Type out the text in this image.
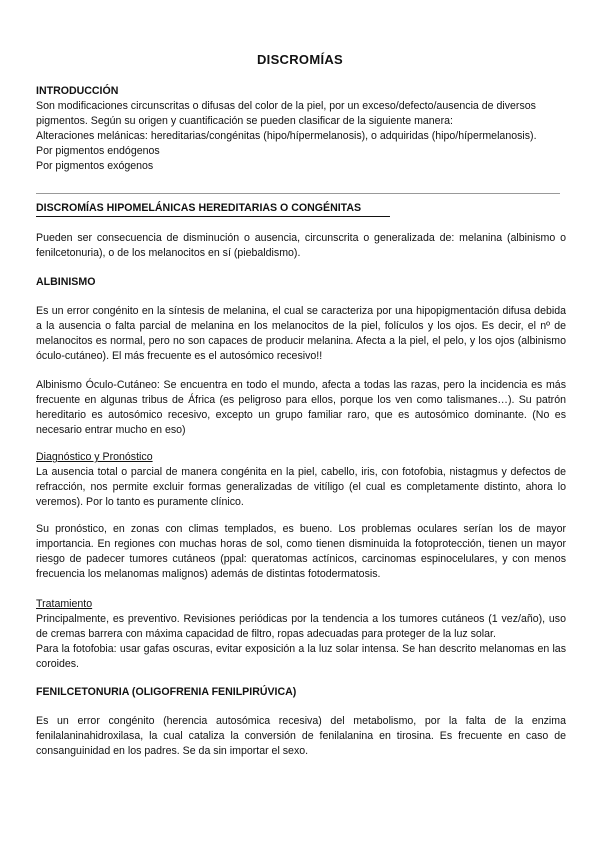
DISCROMÍAS

INTRODUCCIÓN

Son modificaciones circunscritas o difusas del color de la piel, por un exceso/defecto/ausencia de diversos

pigmentos. Según su origen y cuantificación se pueden clasificar de la siguiente manera:

Alteraciones melánicas: hereditarias/congénitas (hipo/hípermelanosis), o adquiridas (hipo/hípermelanosis).

Por pigmentos endógenos

Por pigmentos exógenos

DISCROMÍAS HIPOMELÁNICAS HEREDITARIAS O CONGÉNITAS

Pueden ser consecuencia de disminución o ausencia, circunscrita o generalizada de: melanina (albinismo o fenilcetonuria), o de los melanocitos en sí (piebaldismo).
ALBINISMO
Es un error congénito en la síntesis de melanina, el cual se caracteriza por una hipopigmentación difusa debida a la ausencia o falta parcial de melanina en los melanocitos de la piel, folículos y los ojos. Es decir, el nº de melanocitos es normal, pero no son capaces de producir melanina. Afecta a la piel, el pelo, y los ojos (albinismo óculo-cutáneo). El más frecuente es el autosómico recesivo!!
Albinismo Óculo-Cutáneo: Se encuentra en todo el mundo, afecta a todas las razas, pero la incidencia es más frecuente en algunas tribus de África (es peligroso para ellos, porque los ven como talismanes…). Su patrón hereditario es autosómico recesivo, excepto un grupo familiar raro, que es autosómico dominante. (No es necesario entrar mucho en eso)

Diagnóstico y Pronóstico

La ausencia total o parcial de manera congénita en la piel, cabello, iris, con fotofobia, nistagmus y defectos de refracción, nos permite excluir formas generalizadas de vitíligo (el cual es completamente distinto, ahora lo veremos). Por lo tanto es puramente clínico.

Su pronóstico, en zonas con climas templados, es bueno. Los problemas oculares serían los de mayor importancia. En regiones con muchas horas de sol, como tienen disminuida la fotoprotección, tienen un mayor riesgo de padecer tumores cutáneos (ppal: queratomas actínicos, carcinomas espinocelulares, y con menos frecuencia los melanomas malignos) además de distintas fotodermatosis.

Tratamiento

Principalmente, es preventivo. Revisiones periódicas por la tendencia a los tumores cutáneos (1 vez/año), uso de cremas barrera con máxima capacidad de filtro, ropas adecuadas para proteger de la luz solar.

Para la fotofobia: usar gafas oscuras, evitar exposición a la luz solar intensa. Se han descrito melanomas en las coroides.

FENILCETONURIA (OLIGOFRENIA FENILPIRÚVICA)
Es un error congénito (herencia autosómica recesiva) del metabolismo, por la falta de la enzima fenilalaninahidroxilasa, la cual cataliza la conversión de fenilalanina en tirosina. Es frecuente en caso de consanguinidad en los padres. Se da sin importar el sexo.
